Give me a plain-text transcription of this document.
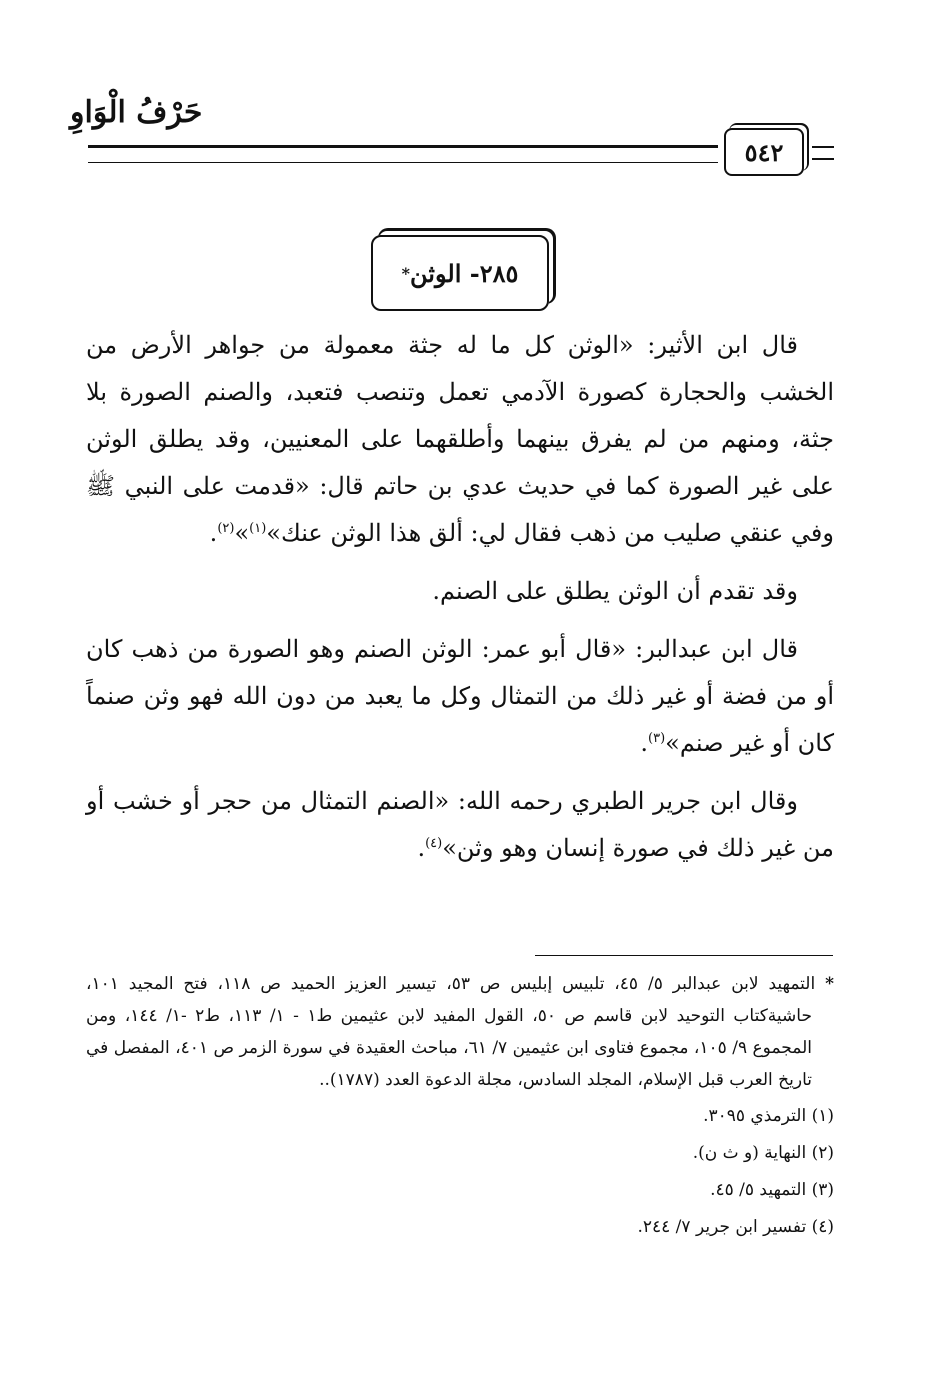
حَرْفُ الْوَاوِ
٥٤٢
٢٨٥- الوثن
*

قال ابن الأثير: «الوثن كل ما له جثة معمولة من جواهر الأرض من الخشب والحجارة كصورة الآدمي تعمل وتنصب فتعبد، والصنم الصورة بلا جثة، ومنهم من لم يفرق بينهما وأطلقهما على المعنيين، وقد يطلق الوثن على غير الصورة كما في حديث عدي بن حاتم قال: «قدمت على النبي ﷺ وفي عنقي صليب من ذهب فقال لي: ألق هذا الوثن عنك»$^{(١)}$»$^{(٢)}$.

وقد تقدم أن الوثن يطلق على الصنم.

قال ابن عبدالبر: «قال أبو عمر: الوثن الصنم وهو الصورة من ذهب كان أو من فضة أو غير ذلك من التمثال وكل ما يعبد من دون الله فهو وثن صنماً كان أو غير صنم»$^{(٣)}$.

وقال ابن جرير الطبري رحمه الله: «الصنم التمثال من حجر أو خشب أو من غير ذلك في صورة إنسان وهو وثن»$^{(٤)}$.

* التمهيد لابن عبدالبر ٥/ ٤٥، تلبيس إبليس ص ٥٣، تيسير العزيز الحميد ص ١١٨، فتح المجيد ١٠١، حاشيةكتاب التوحيد لابن قاسم ص ٥٠، القول المفيد لابن عثيمين ط١ - ١/ ١١٣، ط٢ -١/ ١٤٤، ومن المجموع ٩/ ١٠٥، مجموع فتاوى ابن عثيمين ٧/ ٦١، مباحث العقيدة في سورة الزمر ص ٤٠١، المفصل في تاريخ العرب قبل الإسلام، المجلد السادس، مجلة الدعوة العدد (١٧٨٧)..

(١) الترمذي ٣٠٩٥.

(٢) النهاية (و ث ن).

(٣) التمهيد ٥/ ٤٥.

(٤) تفسير ابن جرير ٧/ ٢٤٤.
